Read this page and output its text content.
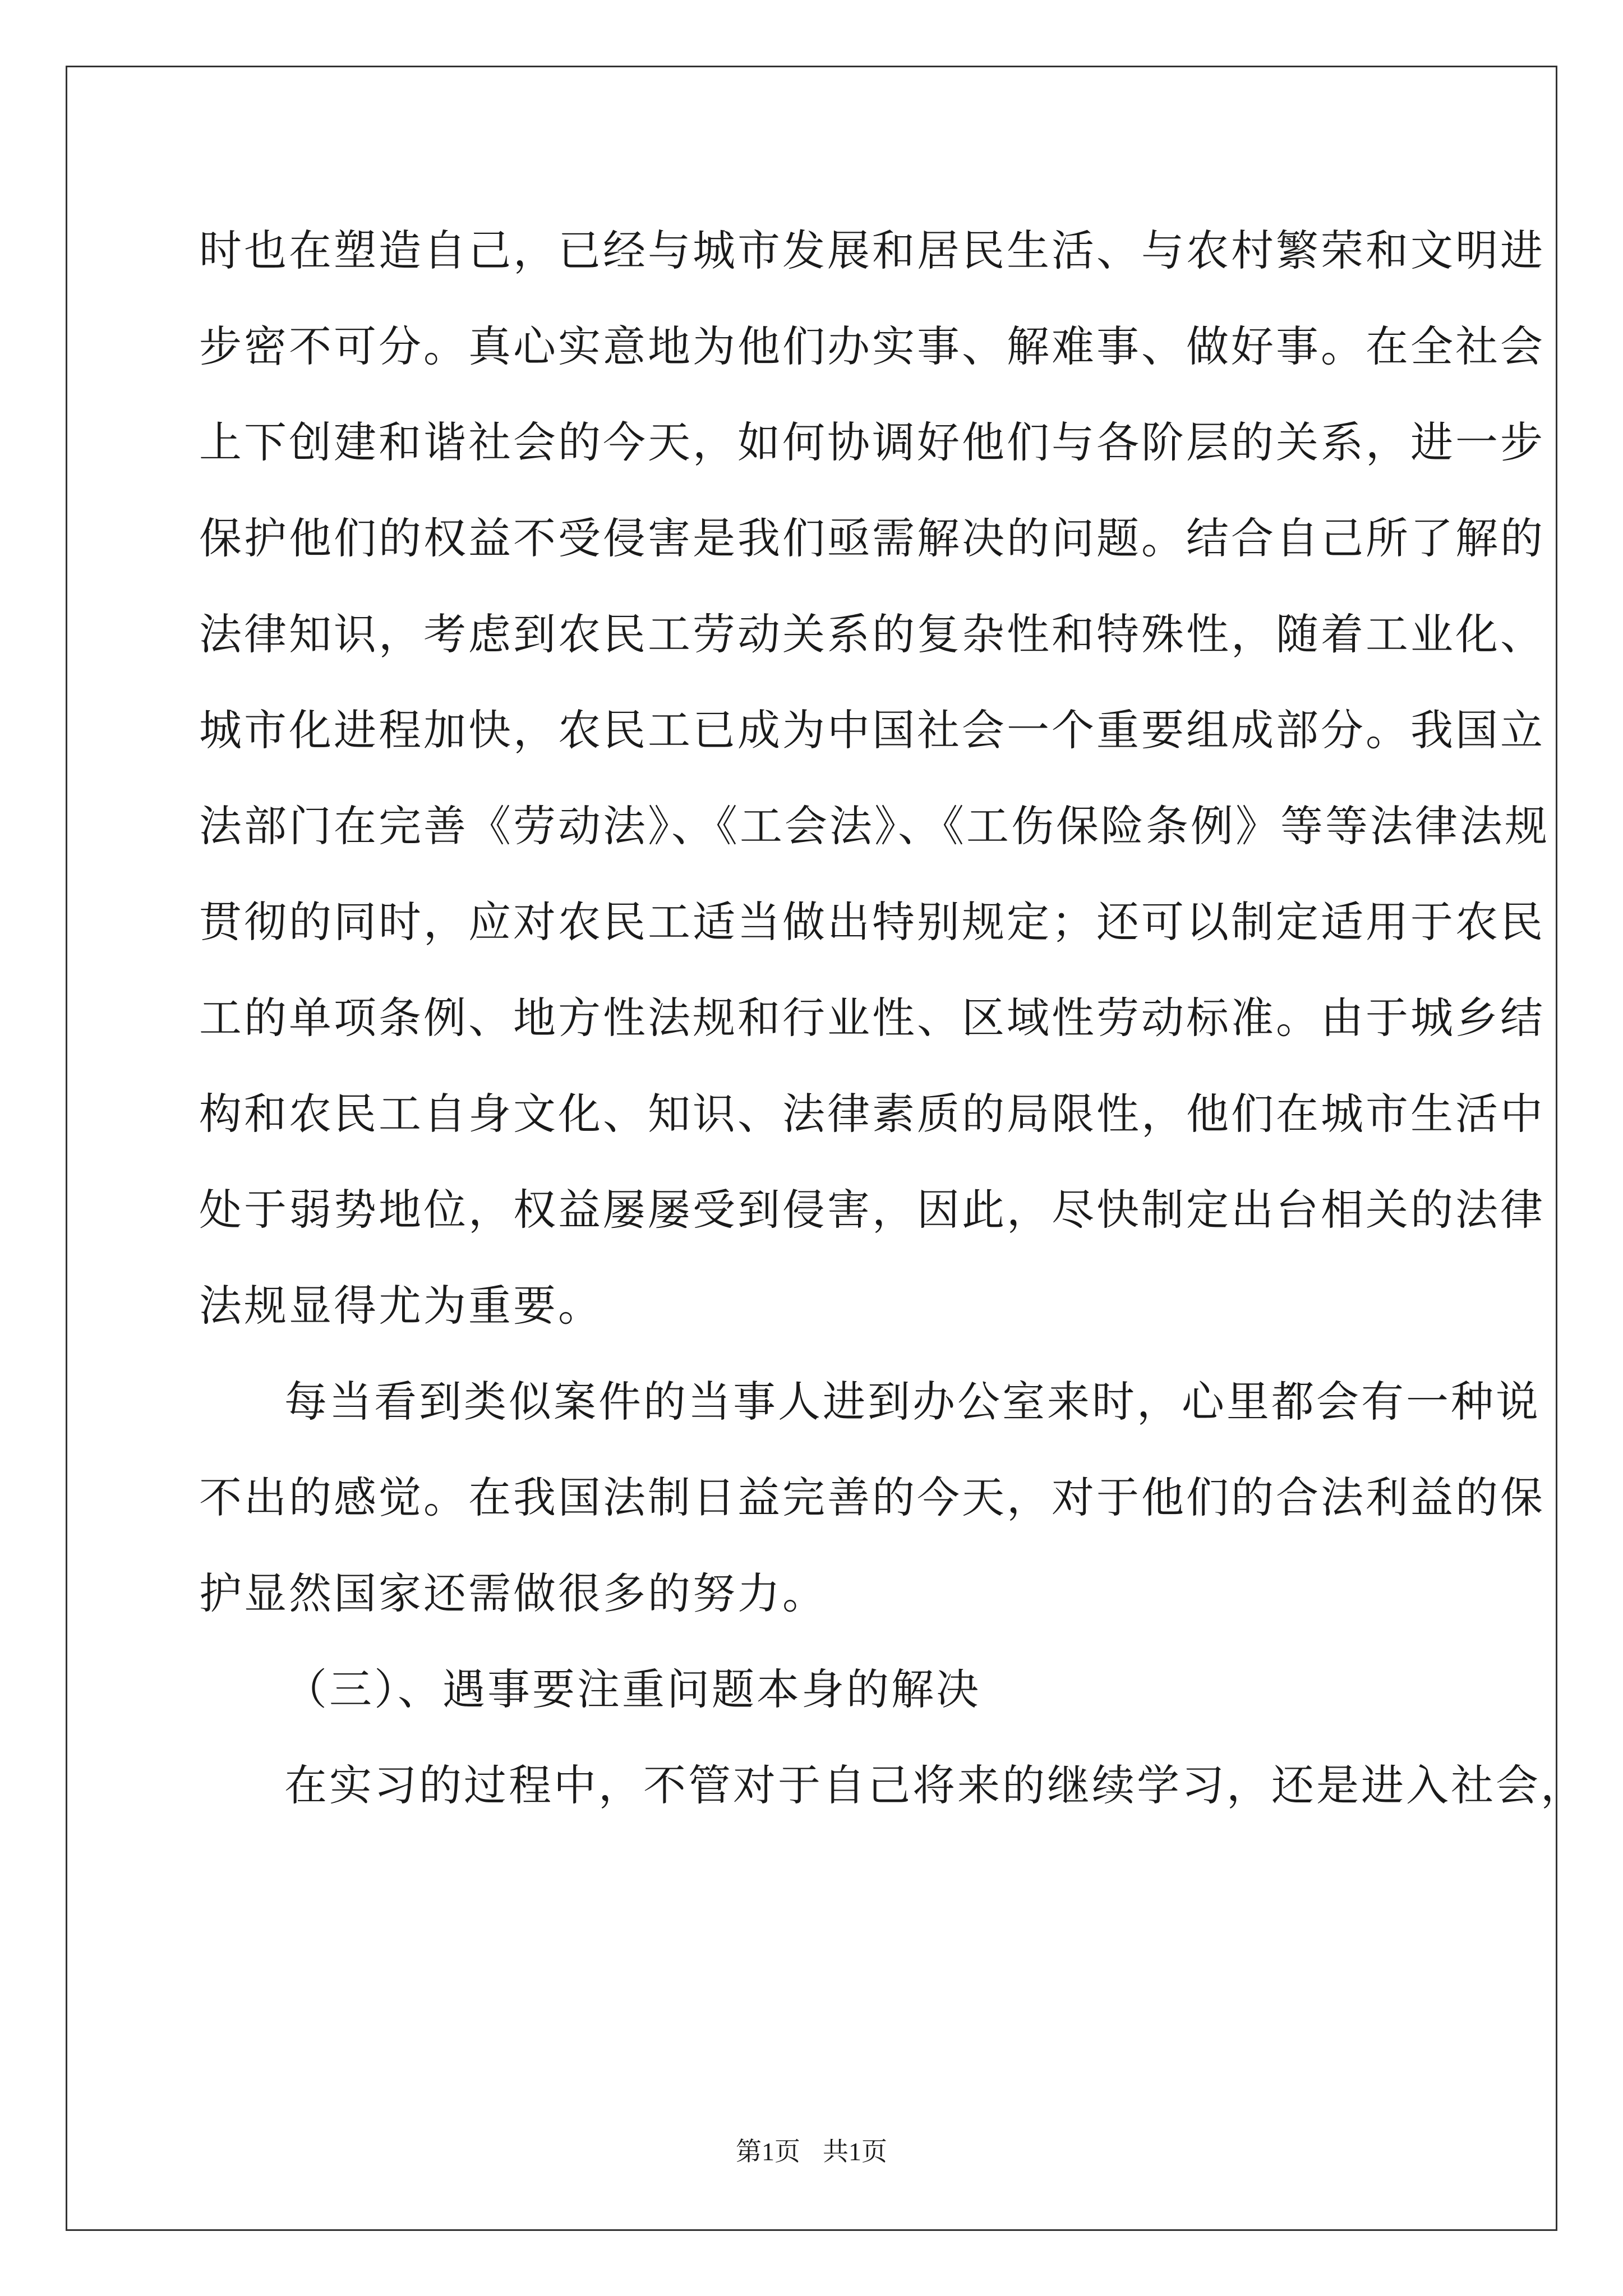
时也在塑造自己，已经与城市发展和居民生活、与农村繁荣和文明进
步密不可分。真心实意地为他们办实事、解难事、做好事。在全社会
上下创建和谐社会的今天，如何协调好他们与各阶层的关系，进一步
保护他们的权益不受侵害是我们亟需解决的问题。结合自己所了解的
法律知识，考虑到农民工劳动关系的复杂性和特殊性，随着工业化、
城市化进程加快，农民工已成为中国社会一个重要组成部分。我国立
法部门在完善《劳动法》、《工会法》、《工伤保险条例》等等法律法规
贯彻的同时，应对农民工适当做出特别规定；还可以制定适用于农民
工的单项条例、地方性法规和行业性、区域性劳动标准。由于城乡结
构和农民工自身文化、知识、法律素质的局限性，他们在城市生活中
处于弱势地位，权益屡屡受到侵害，因此，尽快制定出台相关的法律
法规显得尤为重要。
每当看到类似案件的当事人进到办公室来时，心里都会有一种说
不出的感觉。在我国法制日益完善的今天，对于他们的合法利益的保
护显然国家还需做很多的努力。
（三）、遇事要注重问题本身的解决
在实习的过程中，不管对于自己将来的继续学习，还是进入社会，
第1页 共1页
